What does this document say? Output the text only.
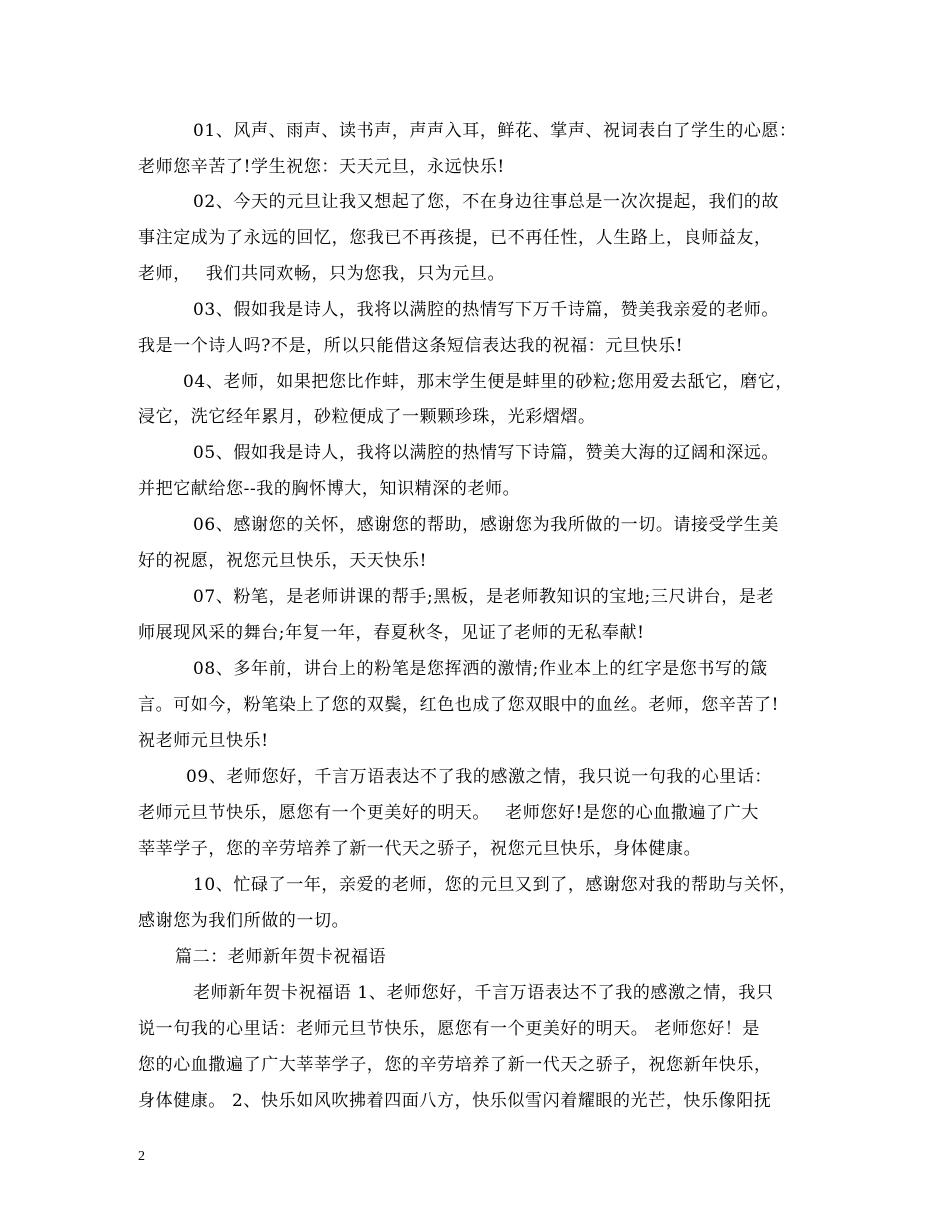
01、风声、雨声、读书声，声声入耳，鲜花、掌声、祝词表白了学生的心愿：
老师您辛苦了!学生祝您：天天元旦，永远快乐!
02、今天的元旦让我又想起了您，不在身边往事总是一次次提起，我们的故
事注定成为了永远的回忆，您我已不再孩提，已不再任性，人生路上，良师益友，
老师，　 我们共同欢畅，只为您我，只为元旦。
03、假如我是诗人，我将以满腔的热情写下万千诗篇，赞美我亲爱的老师。
我是一个诗人吗?不是，所以只能借这条短信表达我的祝福：元旦快乐!
04、老师，如果把您比作蚌，那末学生便是蚌里的砂粒;您用爱去舐它，磨它，
浸它，洗它经年累月，砂粒便成了一颗颗珍珠，光彩熠熠。
05、假如我是诗人，我将以满腔的热情写下诗篇，赞美大海的辽阔和深远。
并把它献给您--我的胸怀博大，知识精深的老师。
06、感谢您的关怀，感谢您的帮助，感谢您为我所做的一切。请接受学生美
好的祝愿，祝您元旦快乐，天天快乐!
07、粉笔，是老师讲课的帮手;黑板，是老师教知识的宝地;三尺讲台，是老
师展现风采的舞台;年复一年，春夏秋冬，见证了老师的无私奉献!
08、多年前，讲台上的粉笔是您挥洒的激情;作业本上的红字是您书写的箴
言。可如今，粉笔染上了您的双鬓，红色也成了您双眼中的血丝。老师，您辛苦了!
祝老师元旦快乐!
09、老师您好，千言万语表达不了我的感激之情，我只说一句我的心里话：
老师元旦节快乐，愿您有一个更美好的明天。　 老师您好!是您的心血撒遍了广大
莘莘学子，您的辛劳培养了新一代天之骄子，祝您元旦快乐，身体健康。
10、忙碌了一年，亲爱的老师，您的元旦又到了，感谢您对我的帮助与关怀，
感谢您为我们所做的一切。
篇二：老师新年贺卡祝福语
老师新年贺卡祝福语 1、老师您好，千言万语表达不了我的感激之情，我只
说一句我的心里话：老师元旦节快乐，愿您有一个更美好的明天。 老师您好！是
您的心血撒遍了广大莘莘学子，您的辛劳培养了新一代天之骄子，祝您新年快乐，
身体健康。 2、快乐如风吹拂着四面八方，快乐似雪闪着耀眼的光芒，快乐像阳抚
2
